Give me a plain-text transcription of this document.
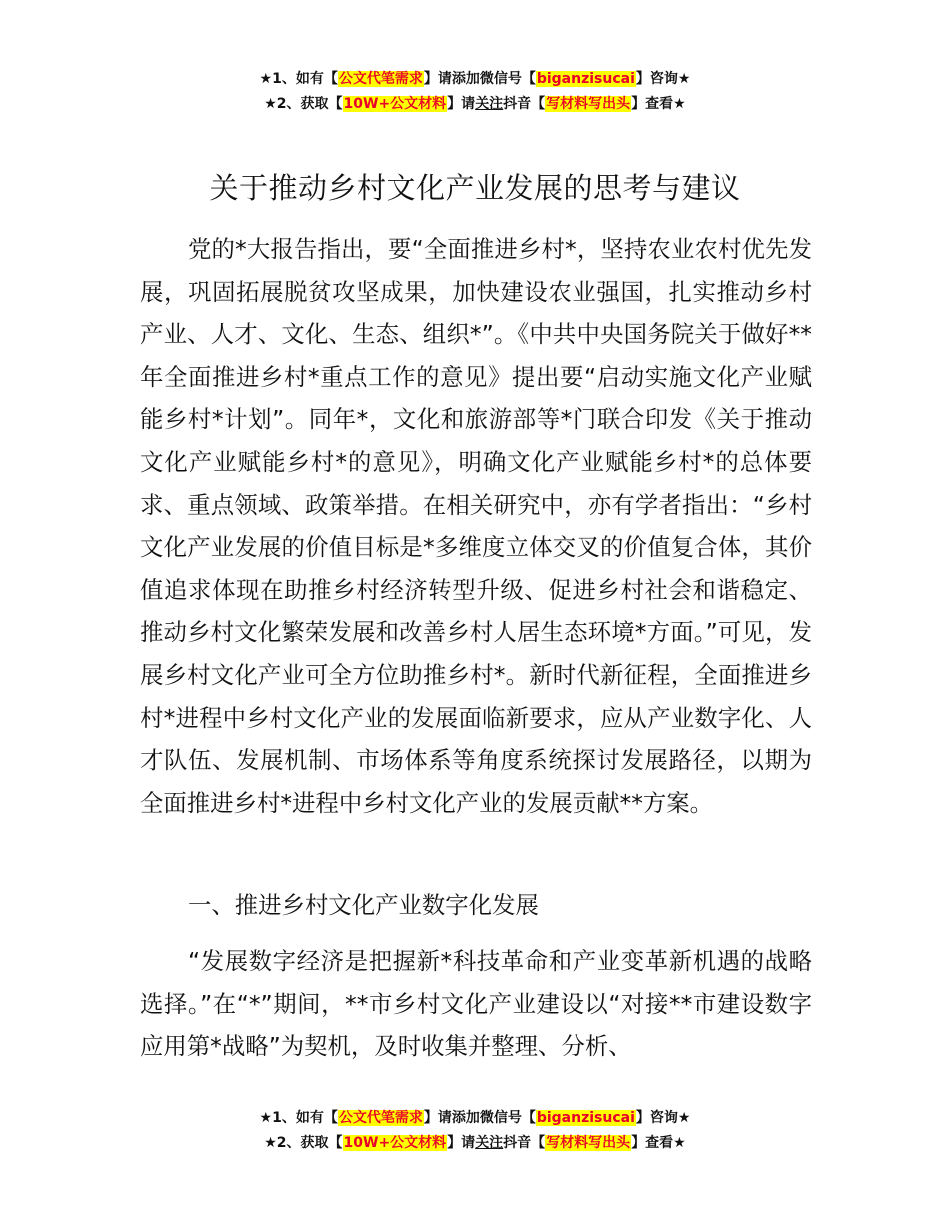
★1、如有【公文代笔需求】请添加微信号【biganzisucai】咨询★
★2、获取【10W+公文材料】请关注抖音【写材料写出头】查看★
关于推动乡村文化产业发展的思考与建议

党的*大报告指出，要“全面推进乡村*，坚持农业农村优先发展，巩固拓展脱贫攻坚成果，加快建设农业强国，扎实推动乡村产业、人才、文化、生态、组织*”。《中共中央国务院关于做好**年全面推进乡村*重点工作的意见》提出要“启动实施文化产业赋能乡村*计划”。同年*，文化和旅游部等*门联合印发《关于推动文化产业赋能乡村*的意见》，明确文化产业赋能乡村*的总体要求、重点领域、政策举措。在相关研究中，亦有学者指出：“乡村文化产业发展的价值目标是*多维度立体交叉的价值复合体，其价值追求体现在助推乡村经济转型升级、促进乡村社会和谐稳定、推动乡村文化繁荣发展和改善乡村人居生态环境*方面。”可见，发展乡村文化产业可全方位助推乡村*。新时代新征程，全面推进乡村*进程中乡村文化产业的发展面临新要求，应从产业数字化、人才队伍、发展机制、市场体系等角度系统探讨发展路径，以期为全面推进乡村*进程中乡村文化产业的发展贡献**方案。

一、推进乡村文化产业数字化发展

“发展数字经济是把握新*科技革命和产业变革新机遇的战略选择。”在“*”期间，**市乡村文化产业建设以“对接**市建设数字应用第*战略”为契机，及时收集并整理、分析、

★1、如有【公文代笔需求】请添加微信号【biganzisucai】咨询★
★2、获取【10W+公文材料】请关注抖音【写材料写出头】查看★
